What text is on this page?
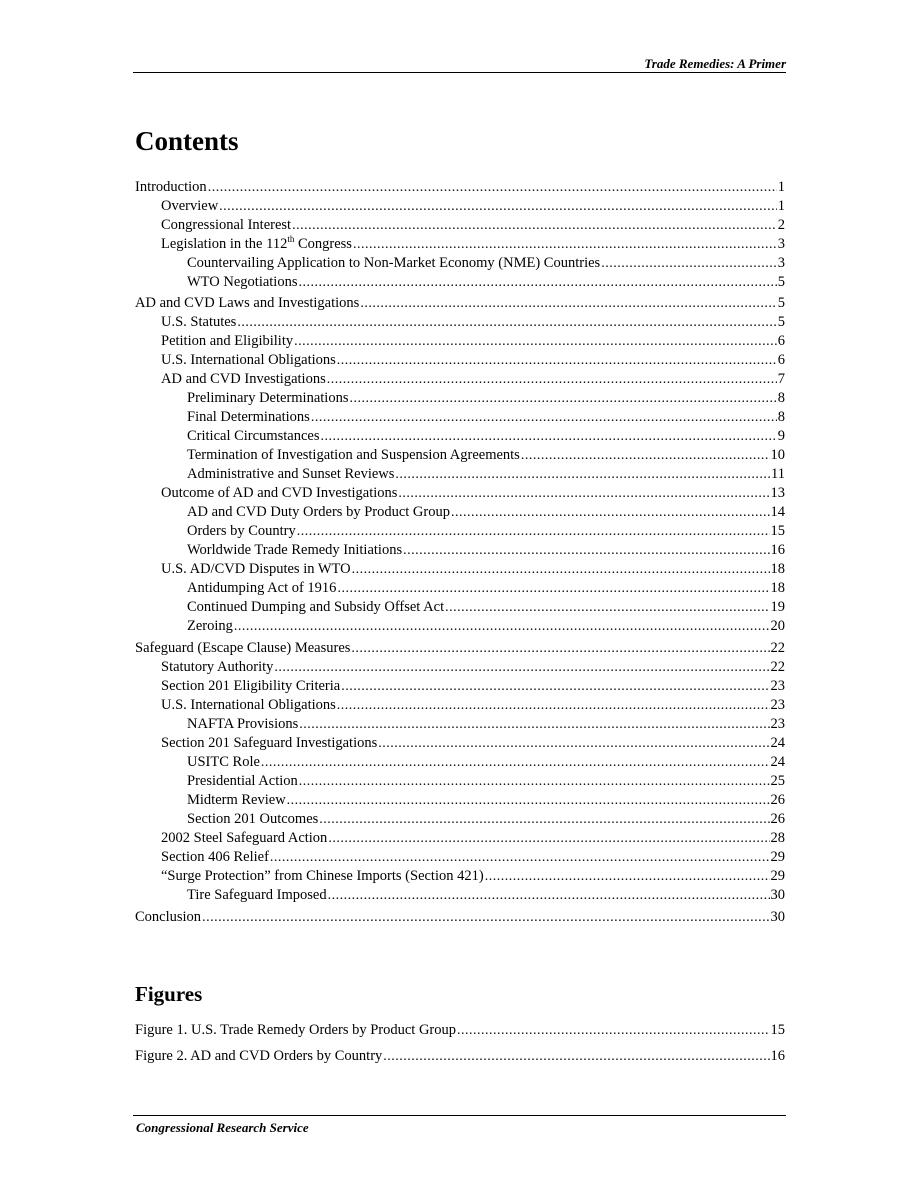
Trade Remedies: A Primer
Contents
Introduction .....	1
Overview .....	1
Congressional Interest .....	2
Legislation in the 112th Congress .....	3
Countervailing Application to Non-Market Economy (NME) Countries .....	3
WTO Negotiations .....	5
AD and CVD Laws and Investigations .....	5
U.S. Statutes .....	5
Petition and Eligibility .....	6
U.S. International Obligations .....	6
AD and CVD Investigations .....	7
Preliminary Determinations .....	8
Final Determinations .....	8
Critical Circumstances .....	9
Termination of Investigation and Suspension Agreements .....	10
Administrative and Sunset Reviews .....	11
Outcome of AD and CVD Investigations .....	13
AD and CVD Duty Orders by Product Group .....	14
Orders by Country .....	15
Worldwide Trade Remedy Initiations .....	16
U.S. AD/CVD Disputes in WTO .....	18
Antidumping Act of 1916 .....	18
Continued Dumping and Subsidy Offset Act .....	19
Zeroing .....	20
Safeguard (Escape Clause) Measures .....	22
Statutory Authority .....	22
Section 201 Eligibility Criteria .....	23
U.S. International Obligations .....	23
NAFTA Provisions .....	23
Section 201 Safeguard Investigations .....	24
USITC Role .....	24
Presidential Action .....	25
Midterm Review .....	26
Section 201 Outcomes .....	26
2002 Steel Safeguard Action .....	28
Section 406 Relief .....	29
“Surge Protection” from Chinese Imports (Section 421) .....	29
Tire Safeguard Imposed .....	30
Conclusion .....	30
Figures
Figure 1. U.S. Trade Remedy Orders by Product Group .....	15
Figure 2. AD and CVD Orders by Country .....	16
Congressional Research Service
